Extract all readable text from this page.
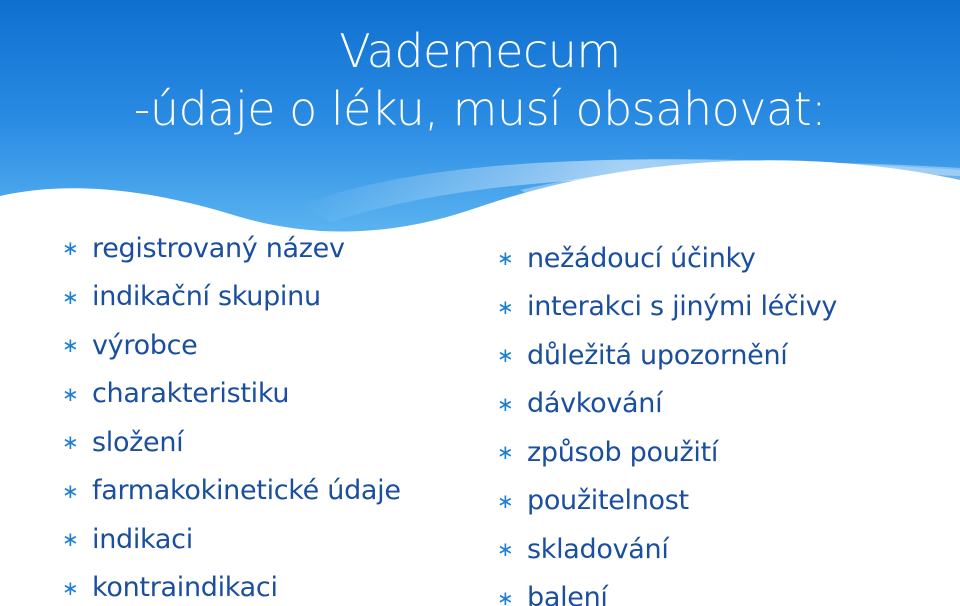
Vademecum
-údaje o léku, musí obsahovat:
∗ registrovaný název
∗ indikační skupinu
∗ výrobce
∗ charakteristiku
∗ složení
∗ farmakokinetické údaje
∗ indikaci
∗ kontraindikaci
∗ nežádoucí účinky
∗ interakci s jinými léčivy
∗ důležitá upozornění
∗ dávkování
∗ způsob použití
∗ použitelnost
∗ skladování
∗ balení
